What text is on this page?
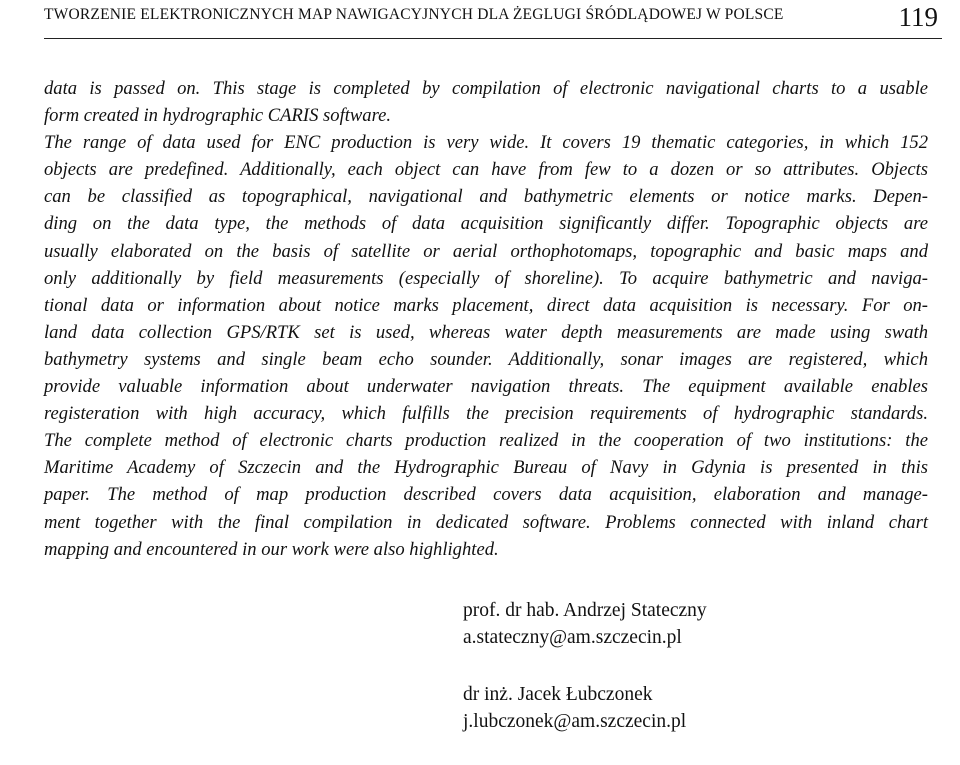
TWORZENIE ELEKTRONICZNYCH MAP NAWIGACYJNYCH DLA ŻEGLUGI ŚRÓDLĄDOWEJ W POLSCE	119
data is passed on. This stage is completed by compilation of electronic navigational charts to a usable
form created in hydrographic CARIS software.
The range of data used for ENC production is very wide. It covers 19 thematic categories, in which 152
objects are predefined. Additionally, each object can have from few to a dozen or so attributes. Objects
can be classified as topographical, navigational and bathymetric elements or notice marks. Depen-
ding on the data type, the methods of data acquisition significantly differ. Topographic objects are
usually elaborated on the basis of satellite or aerial orthophotomaps, topographic and basic maps and
only additionally by field measurements (especially of shoreline). To acquire bathymetric and naviga-
tional data or information about notice marks placement, direct data acquisition is necessary. For on-
land data collection GPS/RTK set is used, whereas water depth measurements are made using swath
bathymetry systems and single beam echo sounder. Additionally, sonar images are registered, which
provide valuable information about underwater navigation threats. The equipment available enables
registeration with high accuracy, which fulfills the precision requirements of hydrographic standards.
The complete method of electronic charts production realized in the cooperation of two institutions: the
Maritime Academy of Szczecin and the Hydrographic Bureau of Navy in Gdynia is presented in this
paper. The method of map production described covers data acquisition, elaboration and manage-
ment together with the final compilation in dedicated software. Problems connected with inland chart
mapping and encountered in our work were also highlighted.
prof. dr hab. Andrzej Stateczny
a.stateczny@am.szczecin.pl
dr inż. Jacek Łubczonek
j.lubczonek@am.szczecin.pl
